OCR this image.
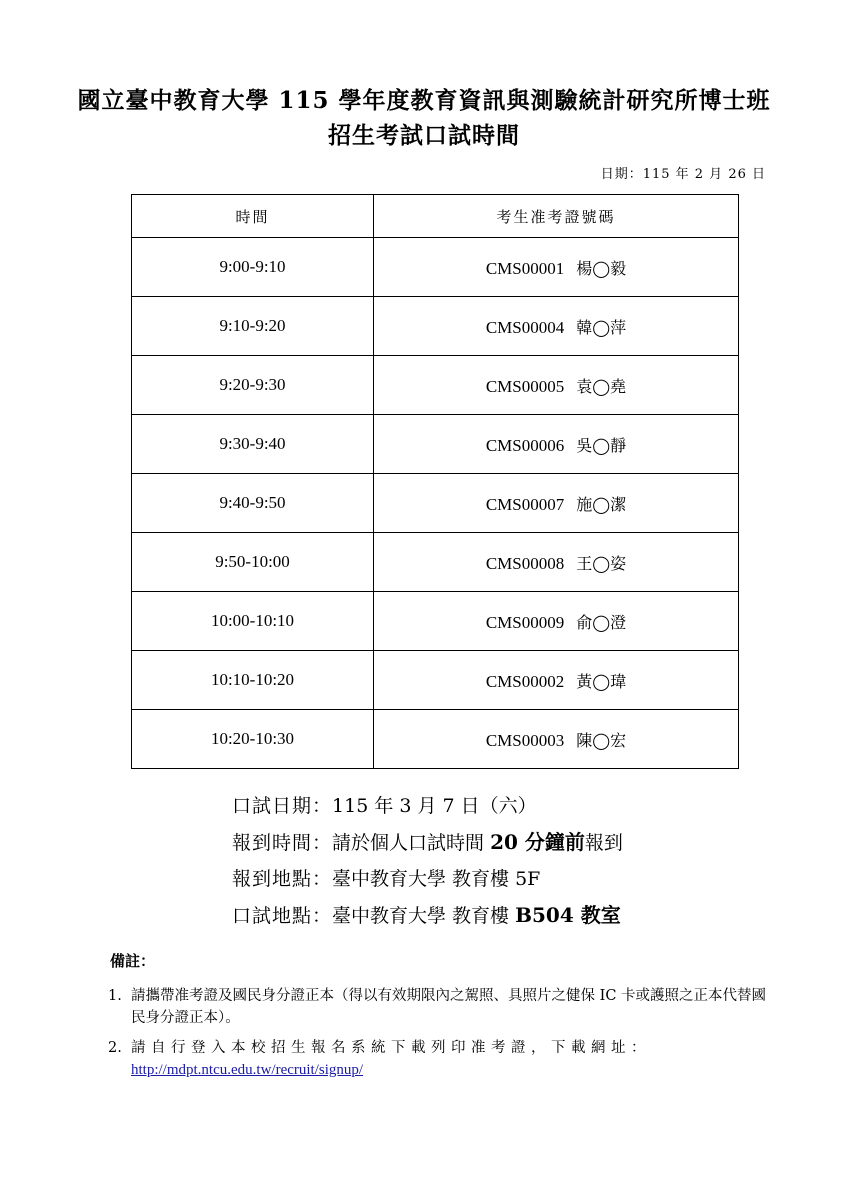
國立臺中教育大學 115 學年度教育資訊與測驗統計研究所博士班
招生考試口試時間
日期：115 年 2 月 26 日
時間	考生准考證號碼
9:00-9:10	CMS00001 楊◯毅
9:10-9:20	CMS00004 韓◯萍
9:20-9:30	CMS00005 袁◯堯
9:30-9:40	CMS00006 吳◯靜
9:40-9:50	CMS00007 施◯潔
9:50-10:00	CMS00008 王◯姿
10:00-10:10	CMS00009 俞◯澄
10:10-10:20	CMS00002 黃◯瑋
10:20-10:30	CMS00003 陳◯宏
口試日期：115 年 3 月 7 日（六）
報到時間：請於個人口試時間 20 分鐘前報到
報到地點：臺中教育大學 教育樓 5F
口試地點：臺中教育大學 教育樓 B504 教室
備註：
1. 請攜帶准考證及國民身分證正本（得以有效期限內之駕照、具照片之健保 IC 卡或護照之正本代替國民身分證正本）。
2. 請自行登入本校招生報名系統下載列印准考證，下載網址：
http://mdpt.ntcu.edu.tw/recruit/signup/
